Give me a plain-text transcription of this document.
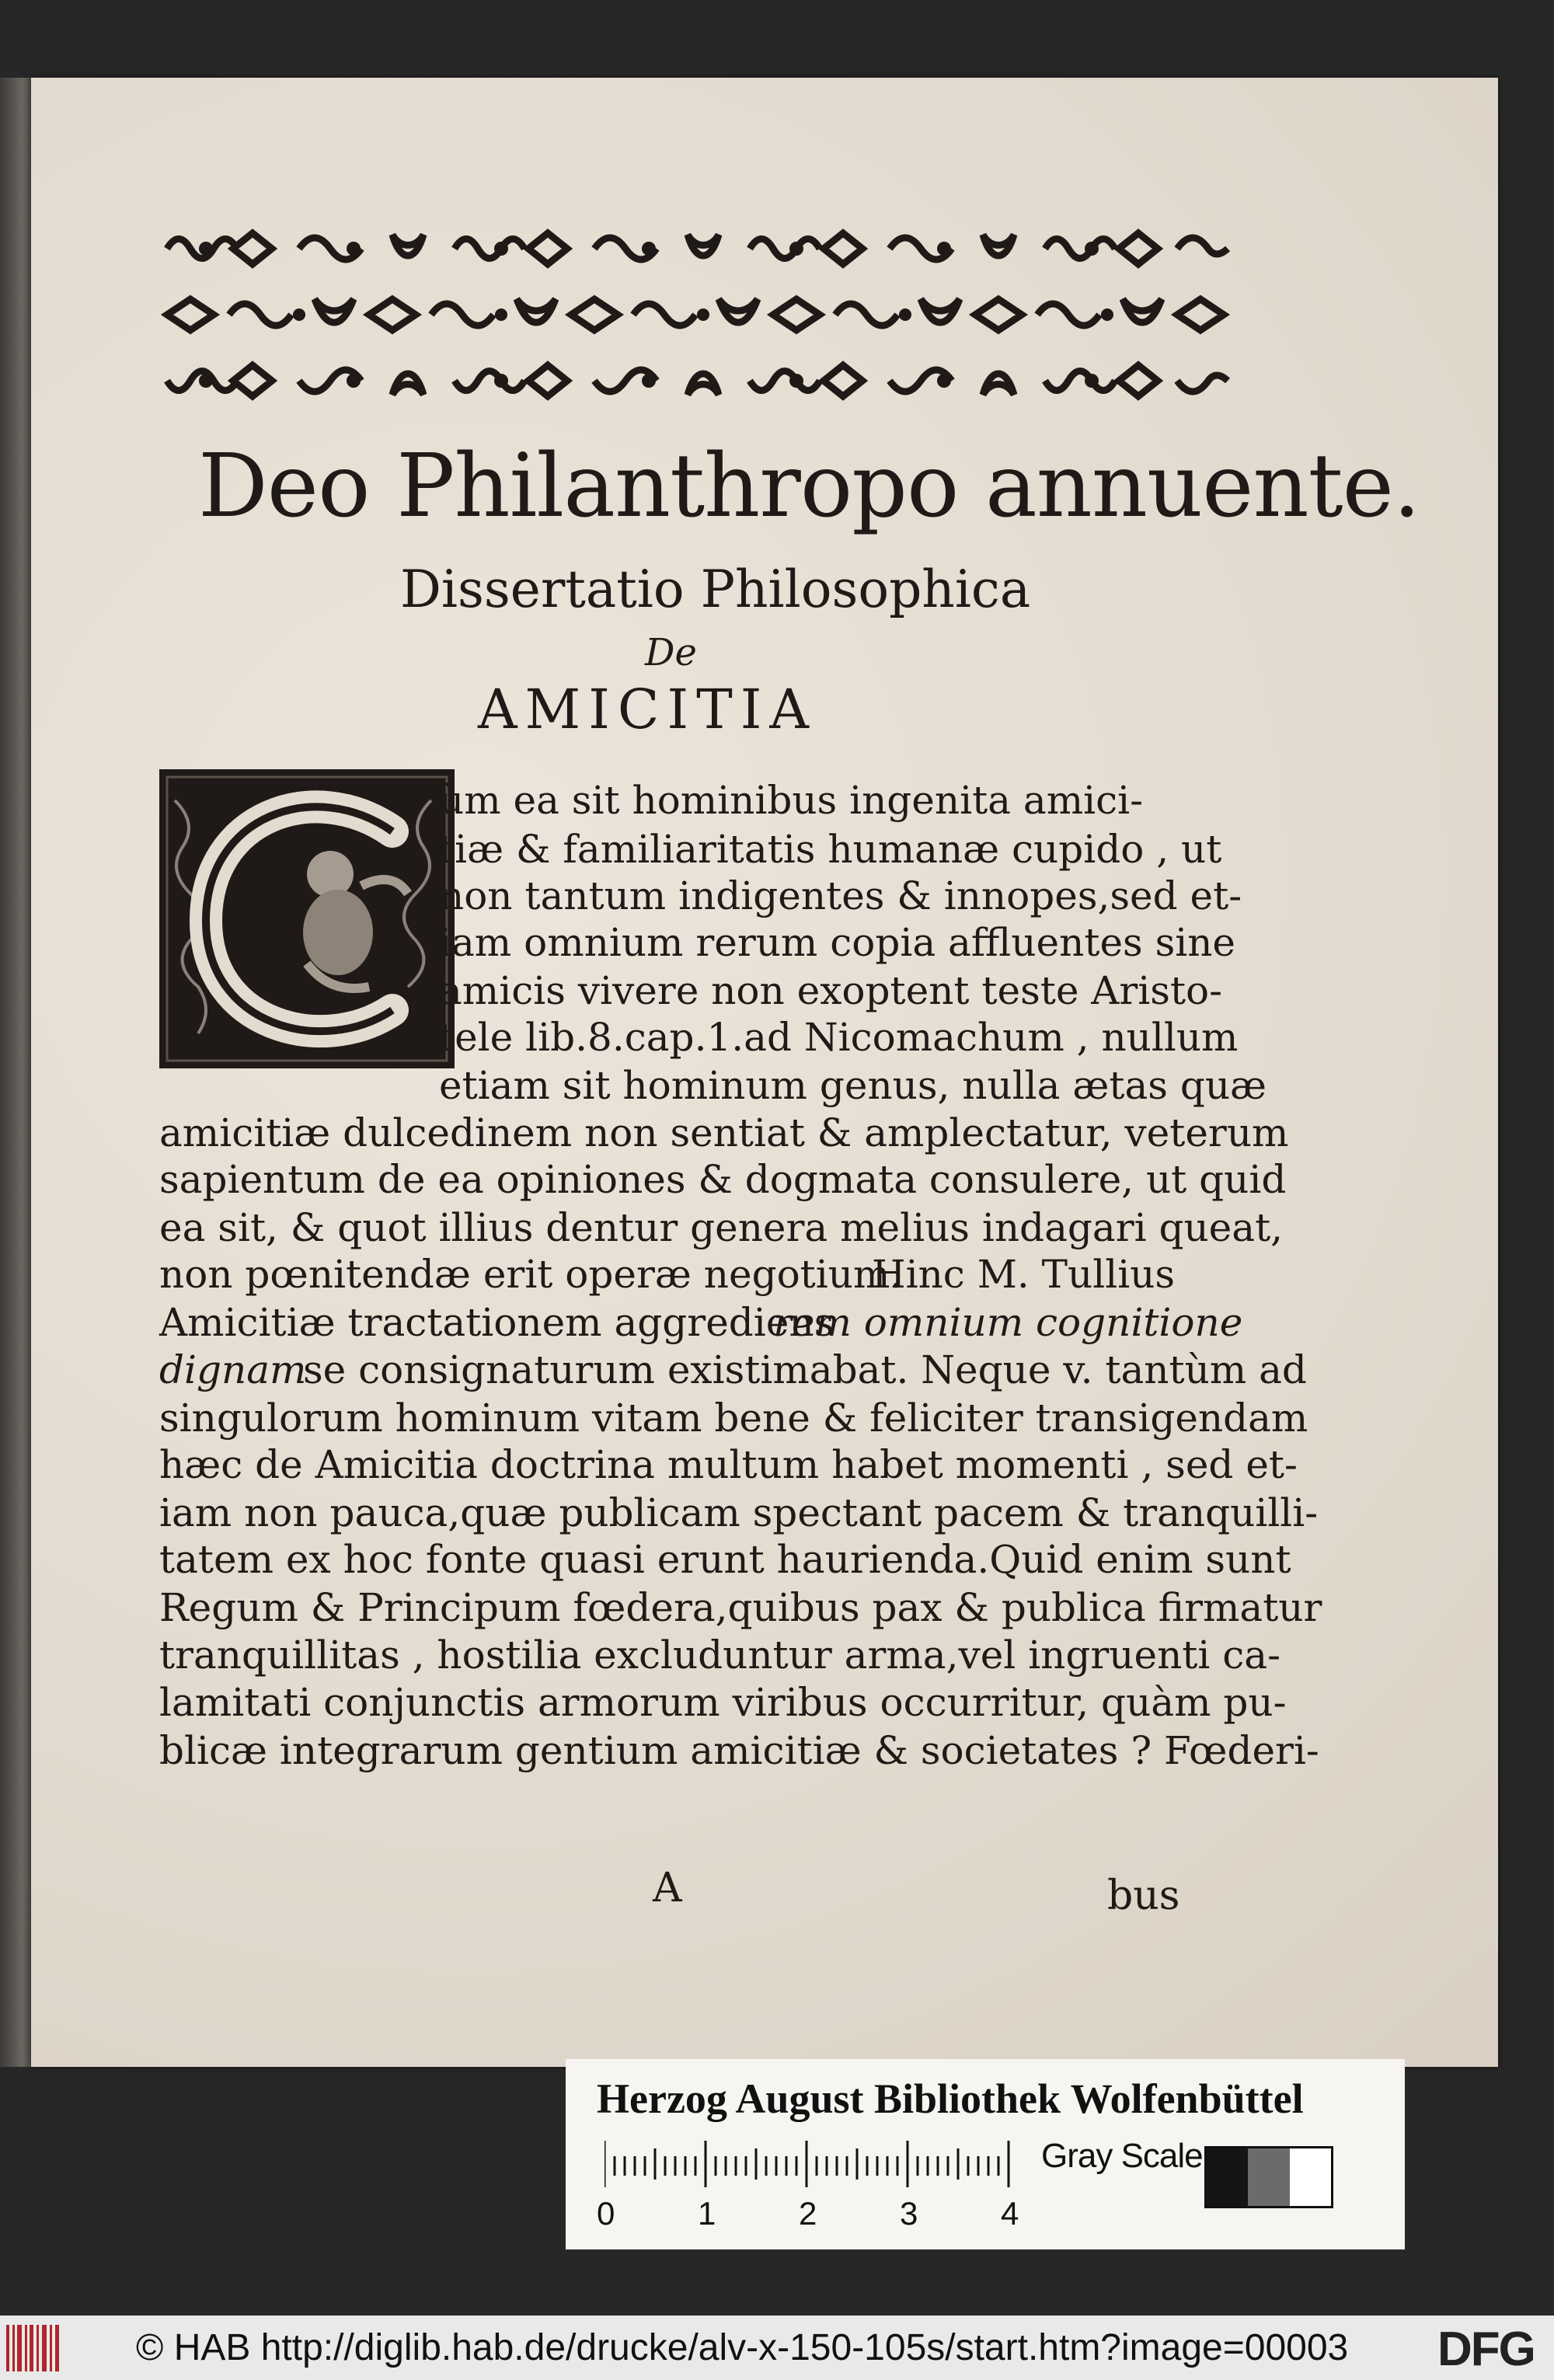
Deo Philanthropo annuente.
Dissertatio Philosophica
De
AMICITIA
ùm ea sit hominibus ingenita amici-
tiæ & familiaritatis humanæ cupido , ut
non tantum indigentes & innopes,sed et-
iam omnium rerum copia affluentes sine
amicis vivere non exoptent teste Aristo-
tele lib.8.cap.1.ad Nicomachum , nullum
etiam sit hominum genus, nulla ætas quæ
amicitiæ dulcedinem non sentiat & amplectatur, veterum
sapientum de ea opiniones & dogmata consulere, ut quid
ea sit, & quot illius dentur genera melius indagari queat,
non pœnitendæ erit operæ negotium.
Hinc M. Tullius
Amicitiæ tractationem aggrediens
rem omnium cognitione
dignam
se consignaturum existimabat. Neque v. tantùm ad
singulorum hominum vitam bene & feliciter transigendam
hæc de Amicitia doctrina multum habet momenti , sed et-
iam non pauca,quæ publicam spectant pacem & tranquilli-
tatem ex hoc fonte quasi erunt haurienda.Quid enim sunt
Regum & Principum fœdera,quibus pax & publica firmatur
tranquillitas , hostilia excluduntur arma,vel ingruenti ca-
lamitati conjunctis armorum viribus occurritur, quàm pu-
blicæ integrarum gentium amicitiæ & societates ? Fœderi-
A	bus
Herzog August Bibliothek Wolfenbüttel
0	1	2	3	4
Gray Scale
© HAB http://diglib.hab.de/drucke/alv-x-150-105s/start.htm?image=00003 DFG
